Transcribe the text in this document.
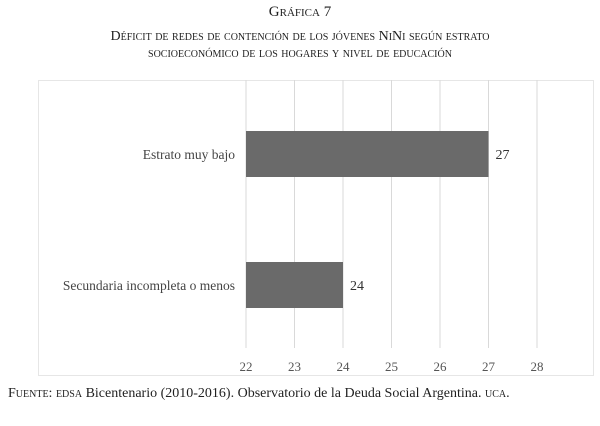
Gráfica 7
Déficit de redes de contención de los jóvenes NiNi según estrato
socioeconómico de los hogares y nivel de educación
22	23	24	25	26	27	28
27
Estrato muy bajo
24
Secundaria incompleta o menos
Fuente: edsa Bicentenario (2010-2016). Observatorio de la Deuda Social Argentina. uca.
